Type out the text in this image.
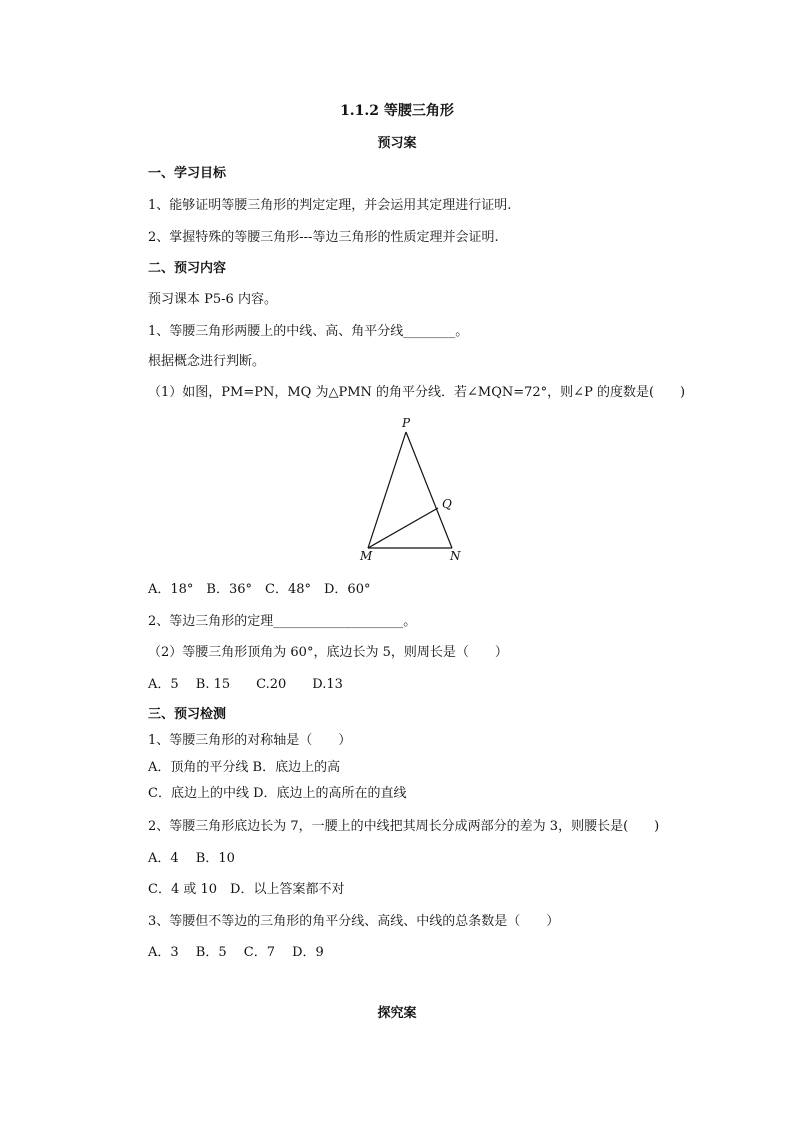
1.1.2 等腰三角形
预习案
一、学习目标
1、能够证明等腰三角形的判定定理，并会运用其定理进行证明.
2、掌握特殊的等腰三角形---等边三角形的性质定理并会证明.
二、预习内容
预习课本 P5-6 内容。
1、等腰三角形两腰上的中线、高、角平分线________。
根据概念进行判断。
（1）如图，PM=PN，MQ 为△PMN 的角平分线．若∠MQN=72°，则∠P 的度数是(　　)
P
Q
M	N
A．18°　B．36°　C．48°　D．60°
2、等边三角形的定理____________________。
（2）等腰三角形顶角为 60°，底边长为 5，则周长是（　　）
A．5　 B. 15　　C.20　　D.13
三、预习检测
1、等腰三角形的对称轴是（　　）
A．顶角的平分线 B．底边上的高
C．底边上的中线 D．底边上的高所在的直线
2、等腰三角形底边长为 7，一腰上的中线把其周长分成两部分的差为 3，则腰长是(　　)
A．4　 B．10
C．4 或 10　D．以上答案都不对
3、等腰但不等边的三角形的角平分线、高线、中线的总条数是（　　）
A．3　 B．5　 C．7　 D．9
探究案
